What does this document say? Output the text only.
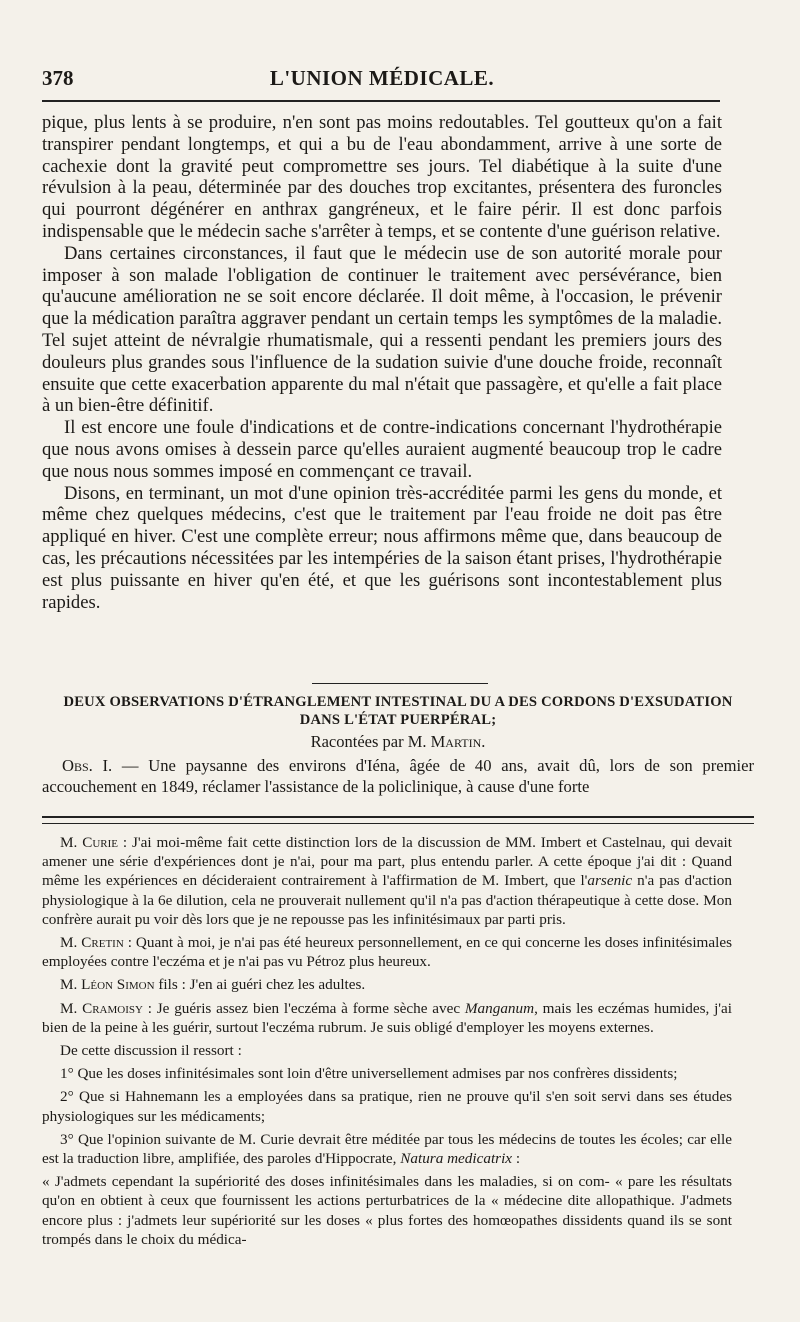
378	L'UNION MÉDICALE.

pique, plus lents à se produire, n'en sont pas moins redoutables. Tel goutteux qu'on a fait transpirer pendant longtemps, et qui a bu de l'eau abondamment, arrive à une sorte de cachexie dont la gravité peut compromettre ses jours. Tel diabétique à la suite d'une révulsion à la peau, déterminée par des douches trop excitantes, présentera des furoncles qui pourront dégénérer en anthrax gangréneux, et le faire périr. Il est donc parfois indispensable que le médecin sache s'arrêter à temps, et se contente d'une guérison relative.

Dans certaines circonstances, il faut que le médecin use de son autorité morale pour imposer à son malade l'obligation de continuer le traitement avec persévérance, bien qu'aucune amélioration ne se soit encore déclarée. Il doit même, à l'occasion, le prévenir que la médication paraîtra aggraver pendant un certain temps les symptômes de la maladie. Tel sujet atteint de névralgie rhumatismale, qui a ressenti pendant les premiers jours des douleurs plus grandes sous l'influence de la sudation suivie d'une douche froide, reconnaît ensuite que cette exacerbation apparente du mal n'était que passagère, et qu'elle a fait place à un bien-être définitif.

Il est encore une foule d'indications et de contre-indications concernant l'hydrothérapie que nous avons omises à dessein parce qu'elles auraient augmenté beaucoup trop le cadre que nous nous sommes imposé en commençant ce travail.

Disons, en terminant, un mot d'une opinion très-accréditée parmi les gens du monde, et même chez quelques médecins, c'est que le traitement par l'eau froide ne doit pas être appliqué en hiver. C'est une complète erreur; nous affirmons même que, dans beaucoup de cas, les précautions nécessitées par les intempéries de la saison étant prises, l'hydrothérapie est plus puissante en hiver qu'en été, et que les guérisons sont incontestablement plus rapides.

DEUX OBSERVATIONS D'ÉTRANGLEMENT INTESTINAL DU A DES CORDONS D'EXSUDATION
DANS L'ÉTAT PUERPÉRAL;
Racontées par M. Martin.

Obs. I. — Une paysanne des environs d'Iéna, âgée de 40 ans, avait dû, lors de son premier accouchement en 1849, réclamer l'assistance de la policlinique, à cause d'une forte

M. Curie : J'ai moi-même fait cette distinction lors de la discussion de MM. Imbert et Castelnau, qui devait amener une série d'expériences dont je n'ai, pour ma part, plus entendu parler. A cette époque j'ai dit : Quand même les expériences en décideraient contrairement à l'affirmation de M. Imbert, que l'arsenic n'a pas d'action physiologique à la 6e dilution, cela ne prouverait nullement qu'il n'a pas d'action thérapeutique à cette dose. Mon confrère aurait pu voir dès lors que je ne repousse pas les infinitésimaux par parti pris.

M. Cretin : Quant à moi, je n'ai pas été heureux personnellement, en ce qui concerne les doses infinitésimales employées contre l'eczéma et je n'ai pas vu Pétroz plus heureux.

M. Léon Simon fils : J'en ai guéri chez les adultes.

M. Cramoisy : Je guéris assez bien l'eczéma à forme sèche avec Manganum, mais les eczémas humides, j'ai bien de la peine à les guérir, surtout l'eczéma rubrum. Je suis obligé d'employer les moyens externes.

De cette discussion il ressort :

1° Que les doses infinitésimales sont loin d'être universellement admises par nos confrères dissidents;

2° Que si Hahnemann les a employées dans sa pratique, rien ne prouve qu'il s'en soit servi dans ses études physiologiques sur les médicaments;

3° Que l'opinion suivante de M. Curie devrait être méditée par tous les médecins de toutes les écoles; car elle est la traduction libre, amplifiée, des paroles d'Hippocrate, Natura medicatrix :

« J'admets cependant la supériorité des doses infinitésimales dans les maladies, si on com- « pare les résultats qu'on en obtient à ceux que fournissent les actions perturbatrices de la « médecine dite allopathique. J'admets encore plus : j'admets leur supériorité sur les doses « plus fortes des homœopathes dissidents quand ils se sont trompés dans le choix du médica-
